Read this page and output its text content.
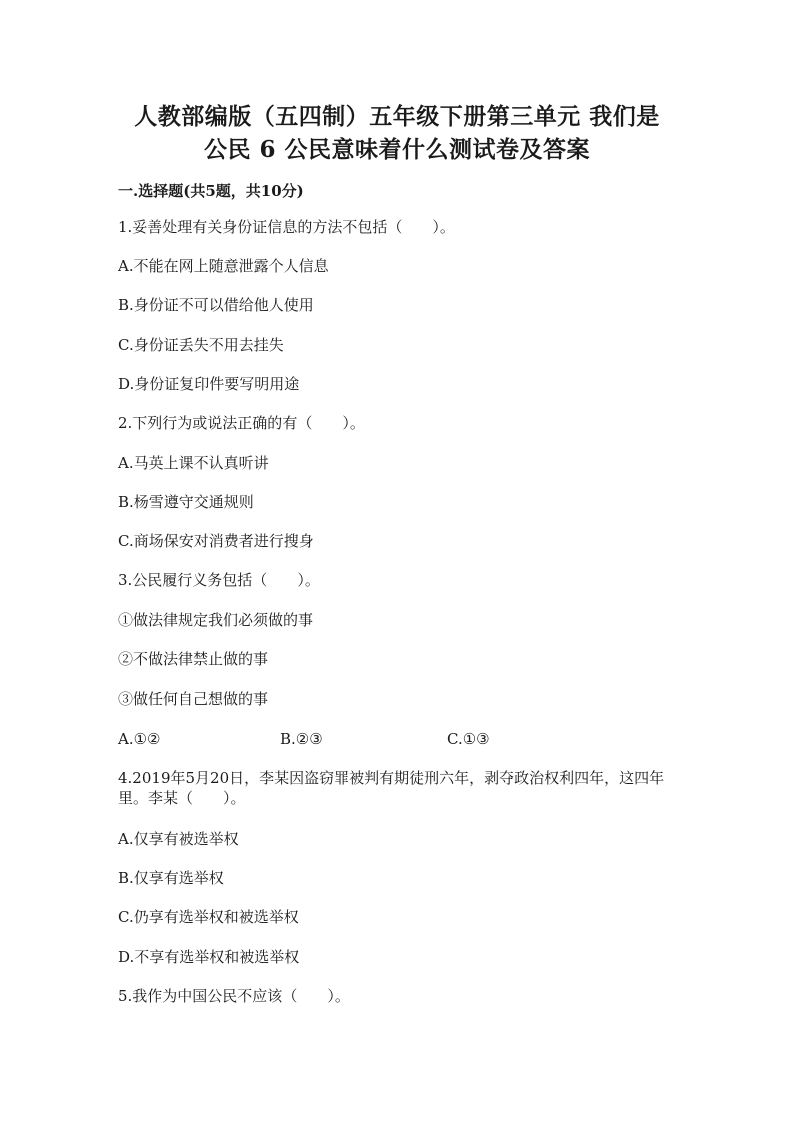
人教部编版（五四制）五年级下册第三单元 我们是
公民 6 公民意味着什么测试卷及答案
一.选择题(共5题，共10分)
1.妥善处理有关身份证信息的方法不包括（　　）。
A.不能在网上随意泄露个人信息
B.身份证不可以借给他人使用
C.身份证丢失不用去挂失
D.身份证复印件要写明用途
2.下列行为或说法正确的有（　　）。
A.马英上课不认真听讲
B.杨雪遵守交通规则
C.商场保安对消费者进行搜身
3.公民履行义务包括（　　）。
①做法律规定我们必须做的事
②不做法律禁止做的事
③做任何自己想做的事
A.①②	B.②③	C.①③
4.2019年5月20日，李某因盗窃罪被判有期徒刑六年，剥夺政治权利四年，这四年里。李某（　　）。
A.仅享有被选举权
B.仅享有选举权
C.仍享有选举权和被选举权
D.不享有选举权和被选举权
5.我作为中国公民不应该（　　）。
